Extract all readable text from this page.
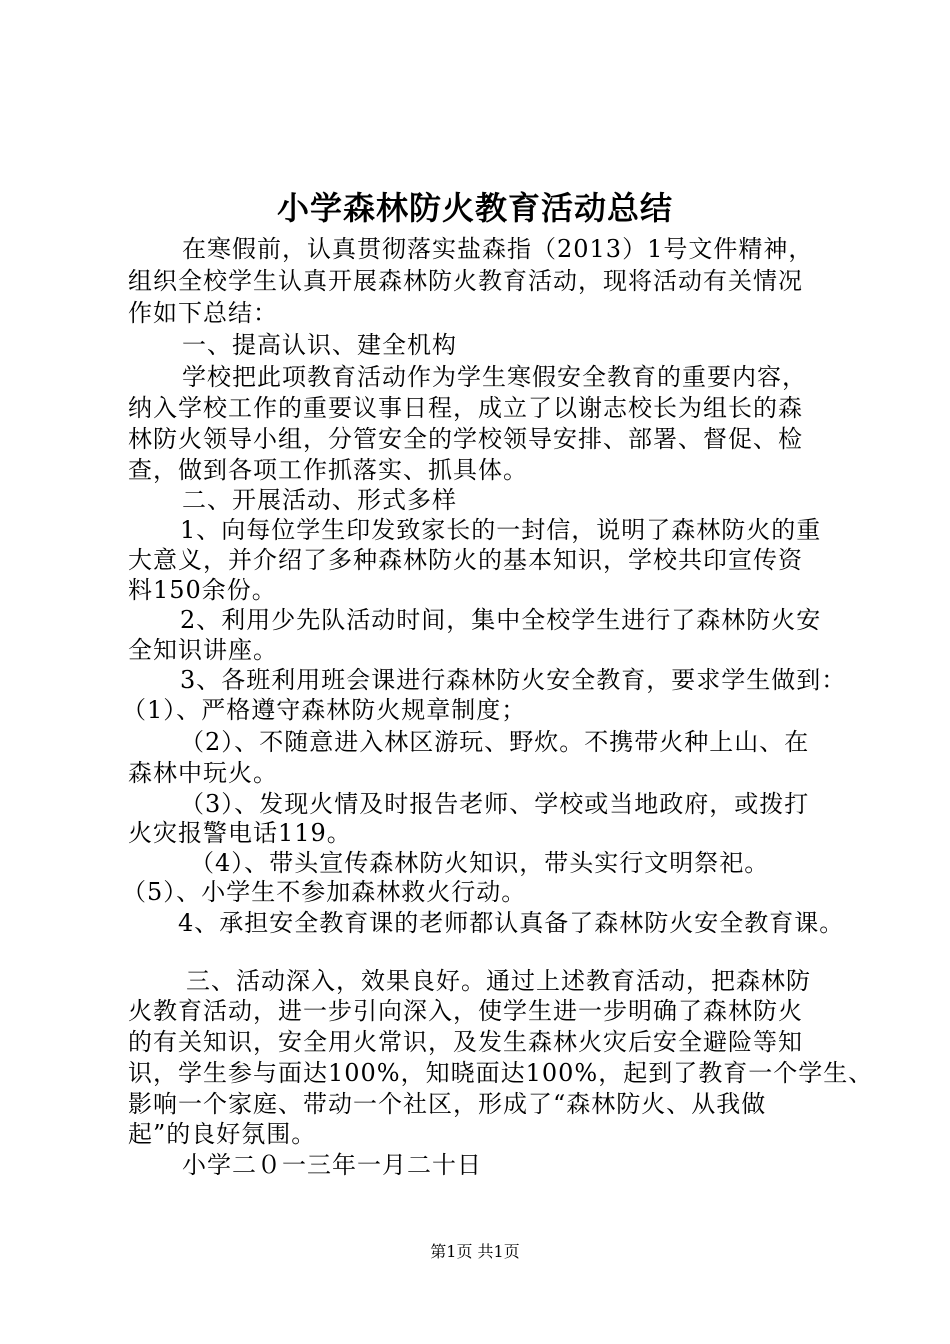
小学森林防火教育活动总结
在寒假前，认真贯彻落实盐森指（2013）1号文件精神，
组织全校学生认真开展森林防火教育活动，现将活动有关情况
作如下总结：
一、提高认识、建全机构
学校把此项教育活动作为学生寒假安全教育的重要内容，
纳入学校工作的重要议事日程，成立了以谢志校长为组长的森
林防火领导小组，分管安全的学校领导安排、部署、督促、检
查，做到各项工作抓落实、抓具体。
二、开展活动、形式多样
1、向每位学生印发致家长的一封信，说明了森林防火的重
大意义，并介绍了多种森林防火的基本知识，学校共印宣传资
料150余份。
2、利用少先队活动时间，集中全校学生进行了森林防火安
全知识讲座。
3、各班利用班会课进行森林防火安全教育，要求学生做到：
（1）、严格遵守森林防火规章制度；
（2）、不随意进入林区游玩、野炊。不携带火种上山、在
森林中玩火。
（3）、发现火情及时报告老师、学校或当地政府，或拨打
火灾报警电话119。
（4）、带头宣传森林防火知识，带头实行文明祭祀。
（5）、小学生不参加森林救火行动。
4、承担安全教育课的老师都认真备了森林防火安全教育课。
三、活动深入，效果良好。通过上述教育活动，把森林防
火教育活动，进一步引向深入，使学生进一步明确了森林防火
的有关知识，安全用火常识，及发生森林火灾后安全避险等知
识，学生参与面达100%，知晓面达100%，起到了教育一个学生、
影响一个家庭、带动一个社区，形成了“森林防火、从我做
起”的良好氛围。
小学二０一三年一月二十日
第1页 共1页
